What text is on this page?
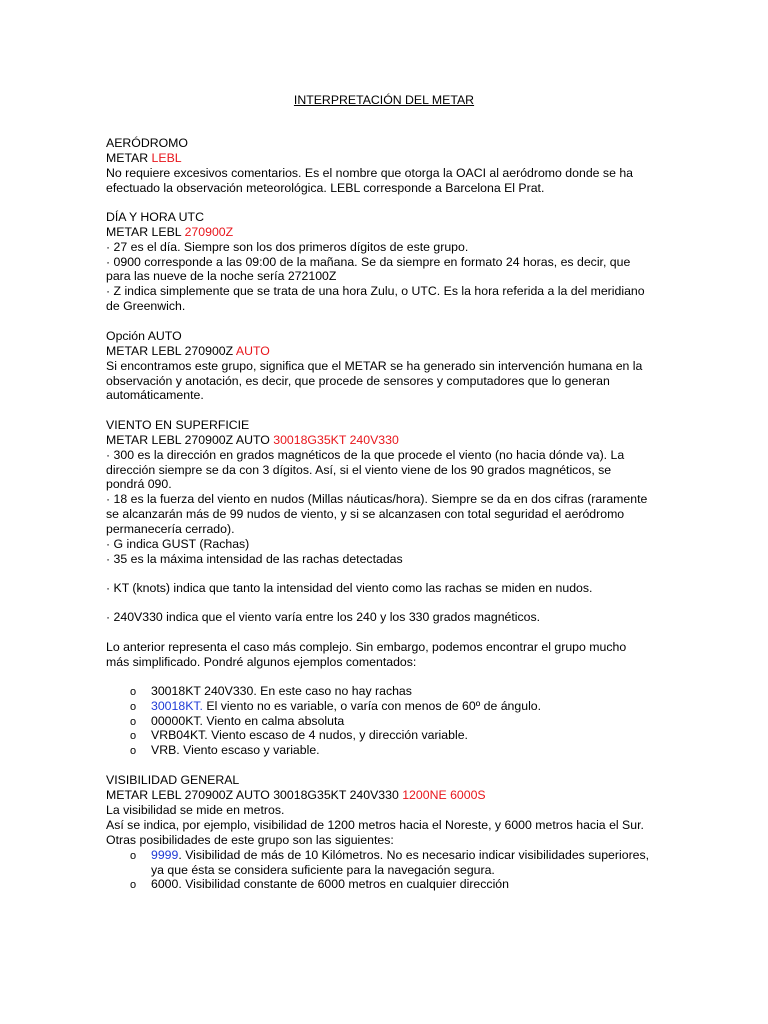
INTERPRETACIÓN DEL METAR
AERÓDROMO
METAR LEBL
No requiere excesivos comentarios. Es el nombre que otorga la OACI al aeródromo donde se ha
efectuado la observación meteorológica. LEBL corresponde a Barcelona El Prat.
DÍA Y HORA UTC
METAR LEBL 270900Z
· 27 es el día. Siempre son los dos primeros dígitos de este grupo.
· 0900 corresponde a las 09:00 de la mañana. Se da siempre en formato 24 horas, es decir, que
para las nueve de la noche sería 272100Z
· Z indica simplemente que se trata de una hora Zulu, o UTC. Es la hora referida a la del meridiano
de Greenwich.
Opción AUTO
METAR LEBL 270900Z AUTO
Si encontramos este grupo, significa que el METAR se ha generado sin intervención humana en la
observación y anotación, es decir, que procede de sensores y computadores que lo generan
automáticamente.
VIENTO EN SUPERFICIE
METAR LEBL 270900Z AUTO 30018G35KT 240V330
· 300 es la dirección en grados magnéticos de la que procede el viento (no hacia dónde va). La
dirección siempre se da con 3 dígitos. Así, si el viento viene de los 90 grados magnéticos, se
pondrá 090.
· 18 es la fuerza del viento en nudos (Millas náuticas/hora). Siempre se da en dos cifras (raramente
se alcanzarán más de 99 nudos de viento, y si se alcanzasen con total seguridad el aeródromo
permanecería cerrado).
· G indica GUST (Rachas)
· 35 es la máxima intensidad de las rachas detectadas
· KT (knots) indica que tanto la intensidad del viento como las rachas se miden en nudos.
· 240V330 indica que el viento varía entre los 240 y los 330 grados magnéticos.
Lo anterior representa el caso más complejo. Sin embargo, podemos encontrar el grupo mucho
más simplificado. Pondré algunos ejemplos comentados:
o 30018KT 240V330. En este caso no hay rachas
o 30018KT. El viento no es variable, o varía con menos de 60º de ángulo.
o 00000KT. Viento en calma absoluta
o VRB04KT. Viento escaso de 4 nudos, y dirección variable.
o VRB. Viento escaso y variable.
VISIBILIDAD GENERAL
METAR LEBL 270900Z AUTO 30018G35KT 240V330 1200NE 6000S
La visibilidad se mide en metros.
Así se indica, por ejemplo, visibilidad de 1200 metros hacia el Noreste, y 6000 metros hacia el Sur.
Otras posibilidades de este grupo son las siguientes:
o 9999. Visibilidad de más de 10 Kilómetros. No es necesario indicar visibilidades superiores,
ya que ésta se considera suficiente para la navegación segura.
o 6000. Visibilidad constante de 6000 metros en cualquier dirección
